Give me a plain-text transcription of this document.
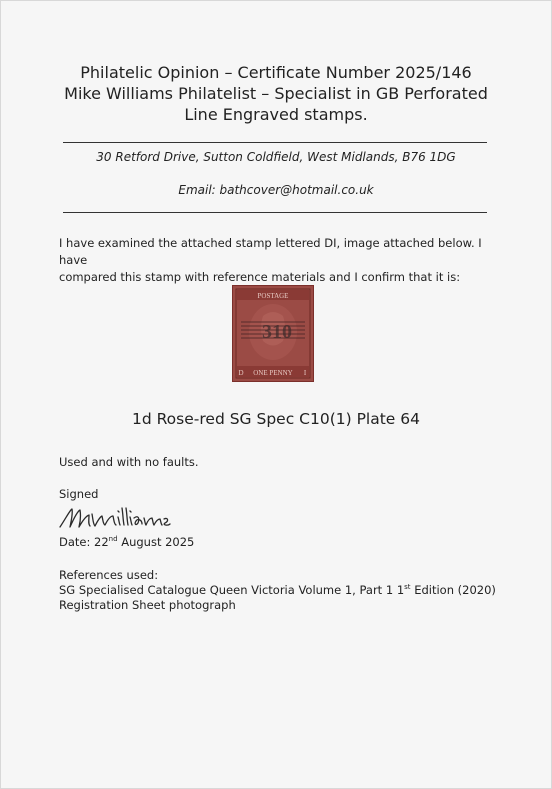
Philatelic Opinion – Certificate Number 2025/146
Mike Williams Philatelist – Specialist in GB Perforated
Line Engraved stamps.
30 Retford Drive, Sutton Coldfield, West Midlands, B76 1DG
Email: bathcover@hotmail.co.uk
I have examined the attached stamp lettered DI, image attached below. I have
compared this stamp with reference materials and I confirm that it is:
POSTAGE
310
ONE PENNY
D	I
1d Rose-red SG Spec C10(1) Plate 64
Used and with no faults.
Signed
Date: 22nd August 2025
References used:
SG Specialised Catalogue Queen Victoria Volume 1, Part 1 1st Edition (2020)
Registration Sheet photograph
